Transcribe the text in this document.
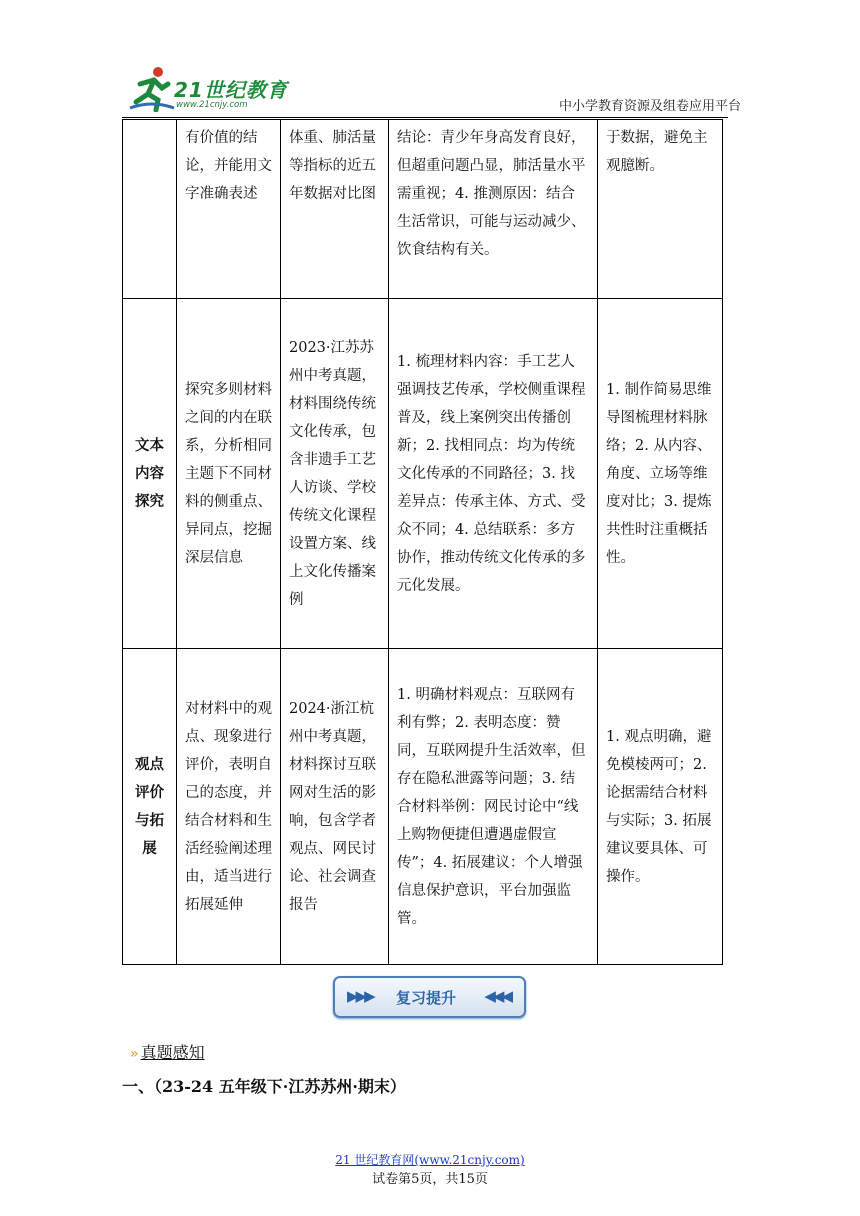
21世纪教育
www.21cnjy.com	中小学教育资源及组卷应用平台
	有价值的结论，并能用文字准确表述	体重、肺活量等指标的近五年数据对比图	结论：青少年身高发育良好，但超重问题凸显，肺活量水平需重视；4. 推测原因：结合生活常识，可能与运动减少、饮食结构有关。	于数据，避免主观臆断。
文本内容探究	探究多则材料之间的内在联系，分析相同主题下不同材料的侧重点、异同点，挖掘深层信息	2023·江苏苏州中考真题，材料围绕传统文化传承，包含非遗手工艺人访谈、学校传统文化课程设置方案、线上文化传播案例	1. 梳理材料内容：手工艺人强调技艺传承，学校侧重课程普及，线上案例突出传播创新；2. 找相同点：均为传统文化传承的不同路径；3. 找差异点：传承主体、方式、受众不同；4. 总结联系：多方协作，推动传统文化传承的多元化发展。	1. 制作简易思维导图梳理材料脉络；2. 从内容、角度、立场等维度对比；3. 提炼共性时注重概括性。
观点评价与拓展	对材料中的观点、现象进行评价，表明自己的态度，并结合材料和生活经验阐述理由，适当进行拓展延伸	2024·浙江杭州中考真题，材料探讨互联网对生活的影响，包含学者观点、网民讨论、社会调查报告	1. 明确材料观点：互联网有利有弊；2. 表明态度：赞同，互联网提升生活效率，但存在隐私泄露等问题；3. 结合材料举例：网民讨论中“线上购物便捷但遭遇虚假宣传”；4. 拓展建议：个人增强信息保护意识，平台加强监管。	1. 观点明确，避免模棱两可；2. 论据需结合材料与实际；3. 拓展建议要具体、可操作。
▶▶▶ 复习提升 ◀◀◀
» 真题感知
一、（23-24 五年级下·江苏苏州·期末）
21 世纪教育网(www.21cnjy.com)
试卷第5页，共15页
